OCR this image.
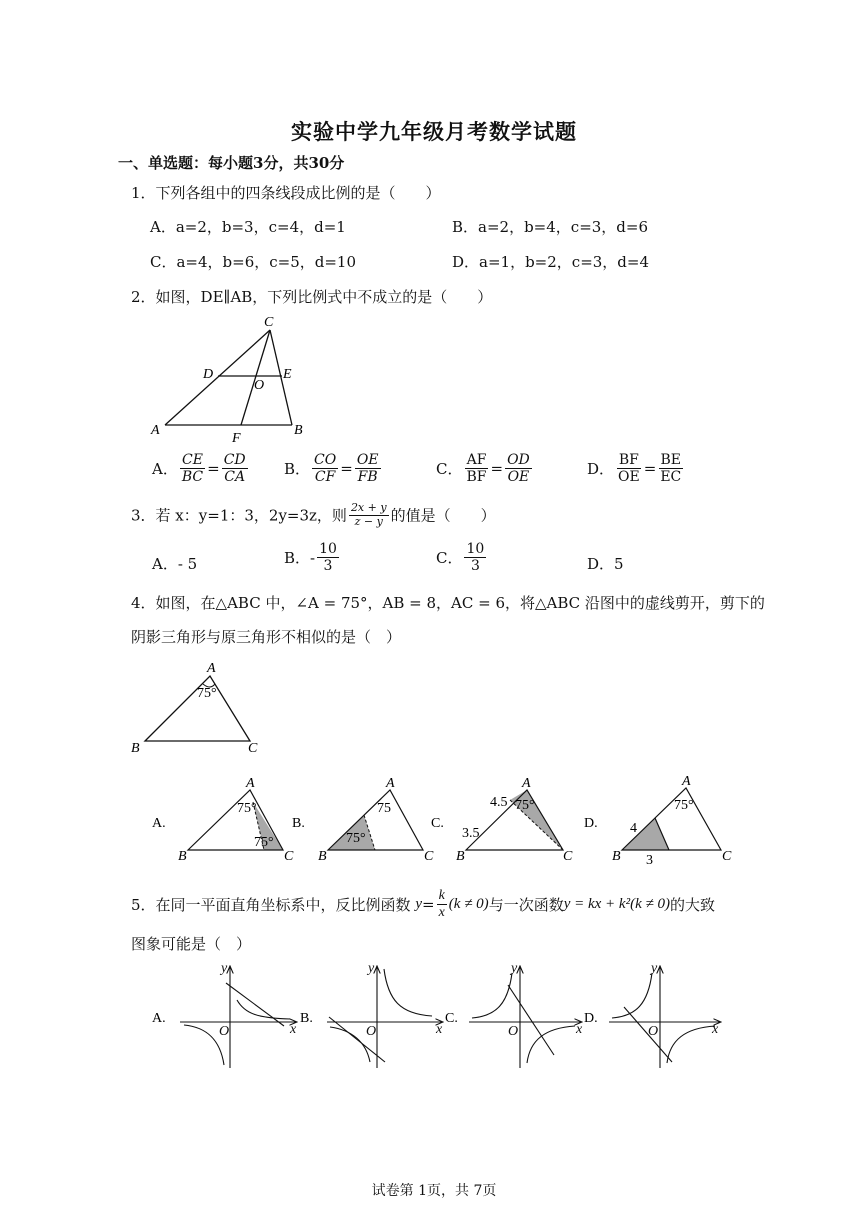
实验中学九年级月考数学试题
一、单选题：每小题3分，共30分
1．下列各组中的四条线段成比例的是（　　）
A．a=2，b=3，c=4，d=1	B．a=2，b=4，c=3，d=6
C．a=4，b=6，c=5，d=10	D．a=1，b=2，c=3，d=4
2．如图，DE∥AB，下列比例式中不成立的是（　　）
C
D	E
O
A
F
B
A． $\frac{CE}{BC} = \frac{CD}{CA}$ B． $\frac{CO}{CF} = \frac{OE}{FB}$	C． $\frac{AF}{BF} = \frac{OD}{OE}$	D． $\frac{BF}{OE} = \frac{BE}{EC}$
3．若 x：y=1：3，2y=3z，则 $\frac{2x + y}{z - y}$ 的值是（　　）
A．- 5	B．- $\frac{10}{3}$	C． $\frac{10}{3}$	D．5
4．如图，在△ABC 中，∠A = 75°，AB = 8，AC = 6，将△ABC 沿图中的虚线剪开，剪下的
阴影三角形与原三角形不相似的是（　）
A
75°
B	C
A.	B.	C.	D.
A
75°
75°
B	C
A
75
75°
B	C
A
4.5 75°
3.5
B	C
A
75°
4
3
B	C
5．在同一平面直角坐标系中，反比例函数 $y= \frac{k}{x} (k \ne 0)$与一次函数y = kx + k²(k ≠ 0)的大致
图象可能是（　）
A.	B.	C.	D.
y
O	x
y
O	x
y
O	x
y
O	x
试卷第 1页，共 7页
